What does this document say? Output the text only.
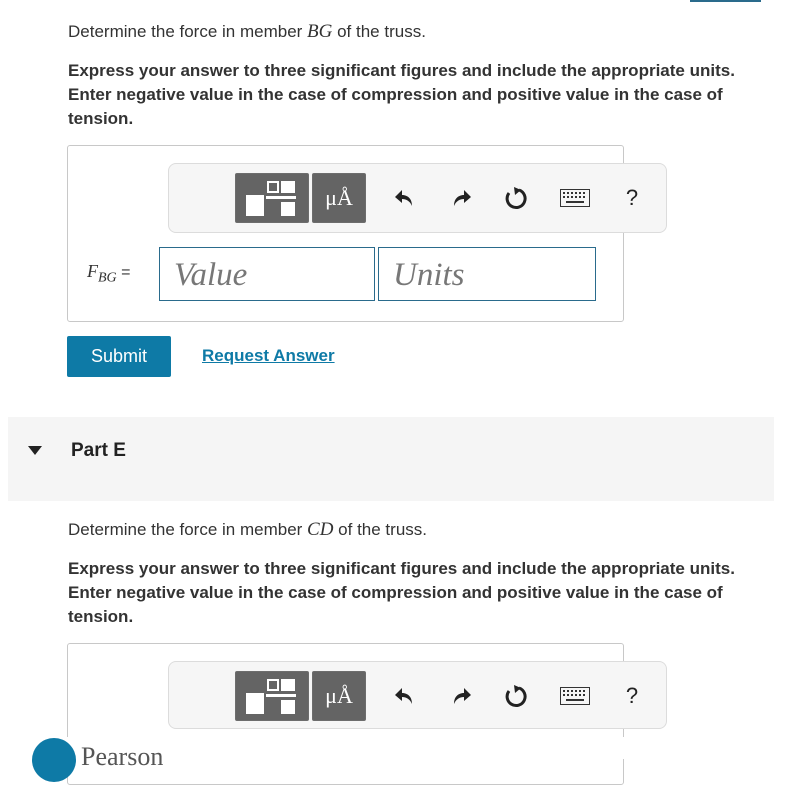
Determine the force in member BG of the truss.
Express your answer to three significant figures and include the appropriate units. Enter negative value in the case of compression and positive value in the case of tension.
μÅ	?
$F_{BG}$ =	Value	Units
Submit	Request Answer
Part E
Determine the force in member CD of the truss.
Express your answer to three significant figures and include the appropriate units. Enter negative value in the case of compression and positive value in the case of tension.
μÅ	?
Pearson
